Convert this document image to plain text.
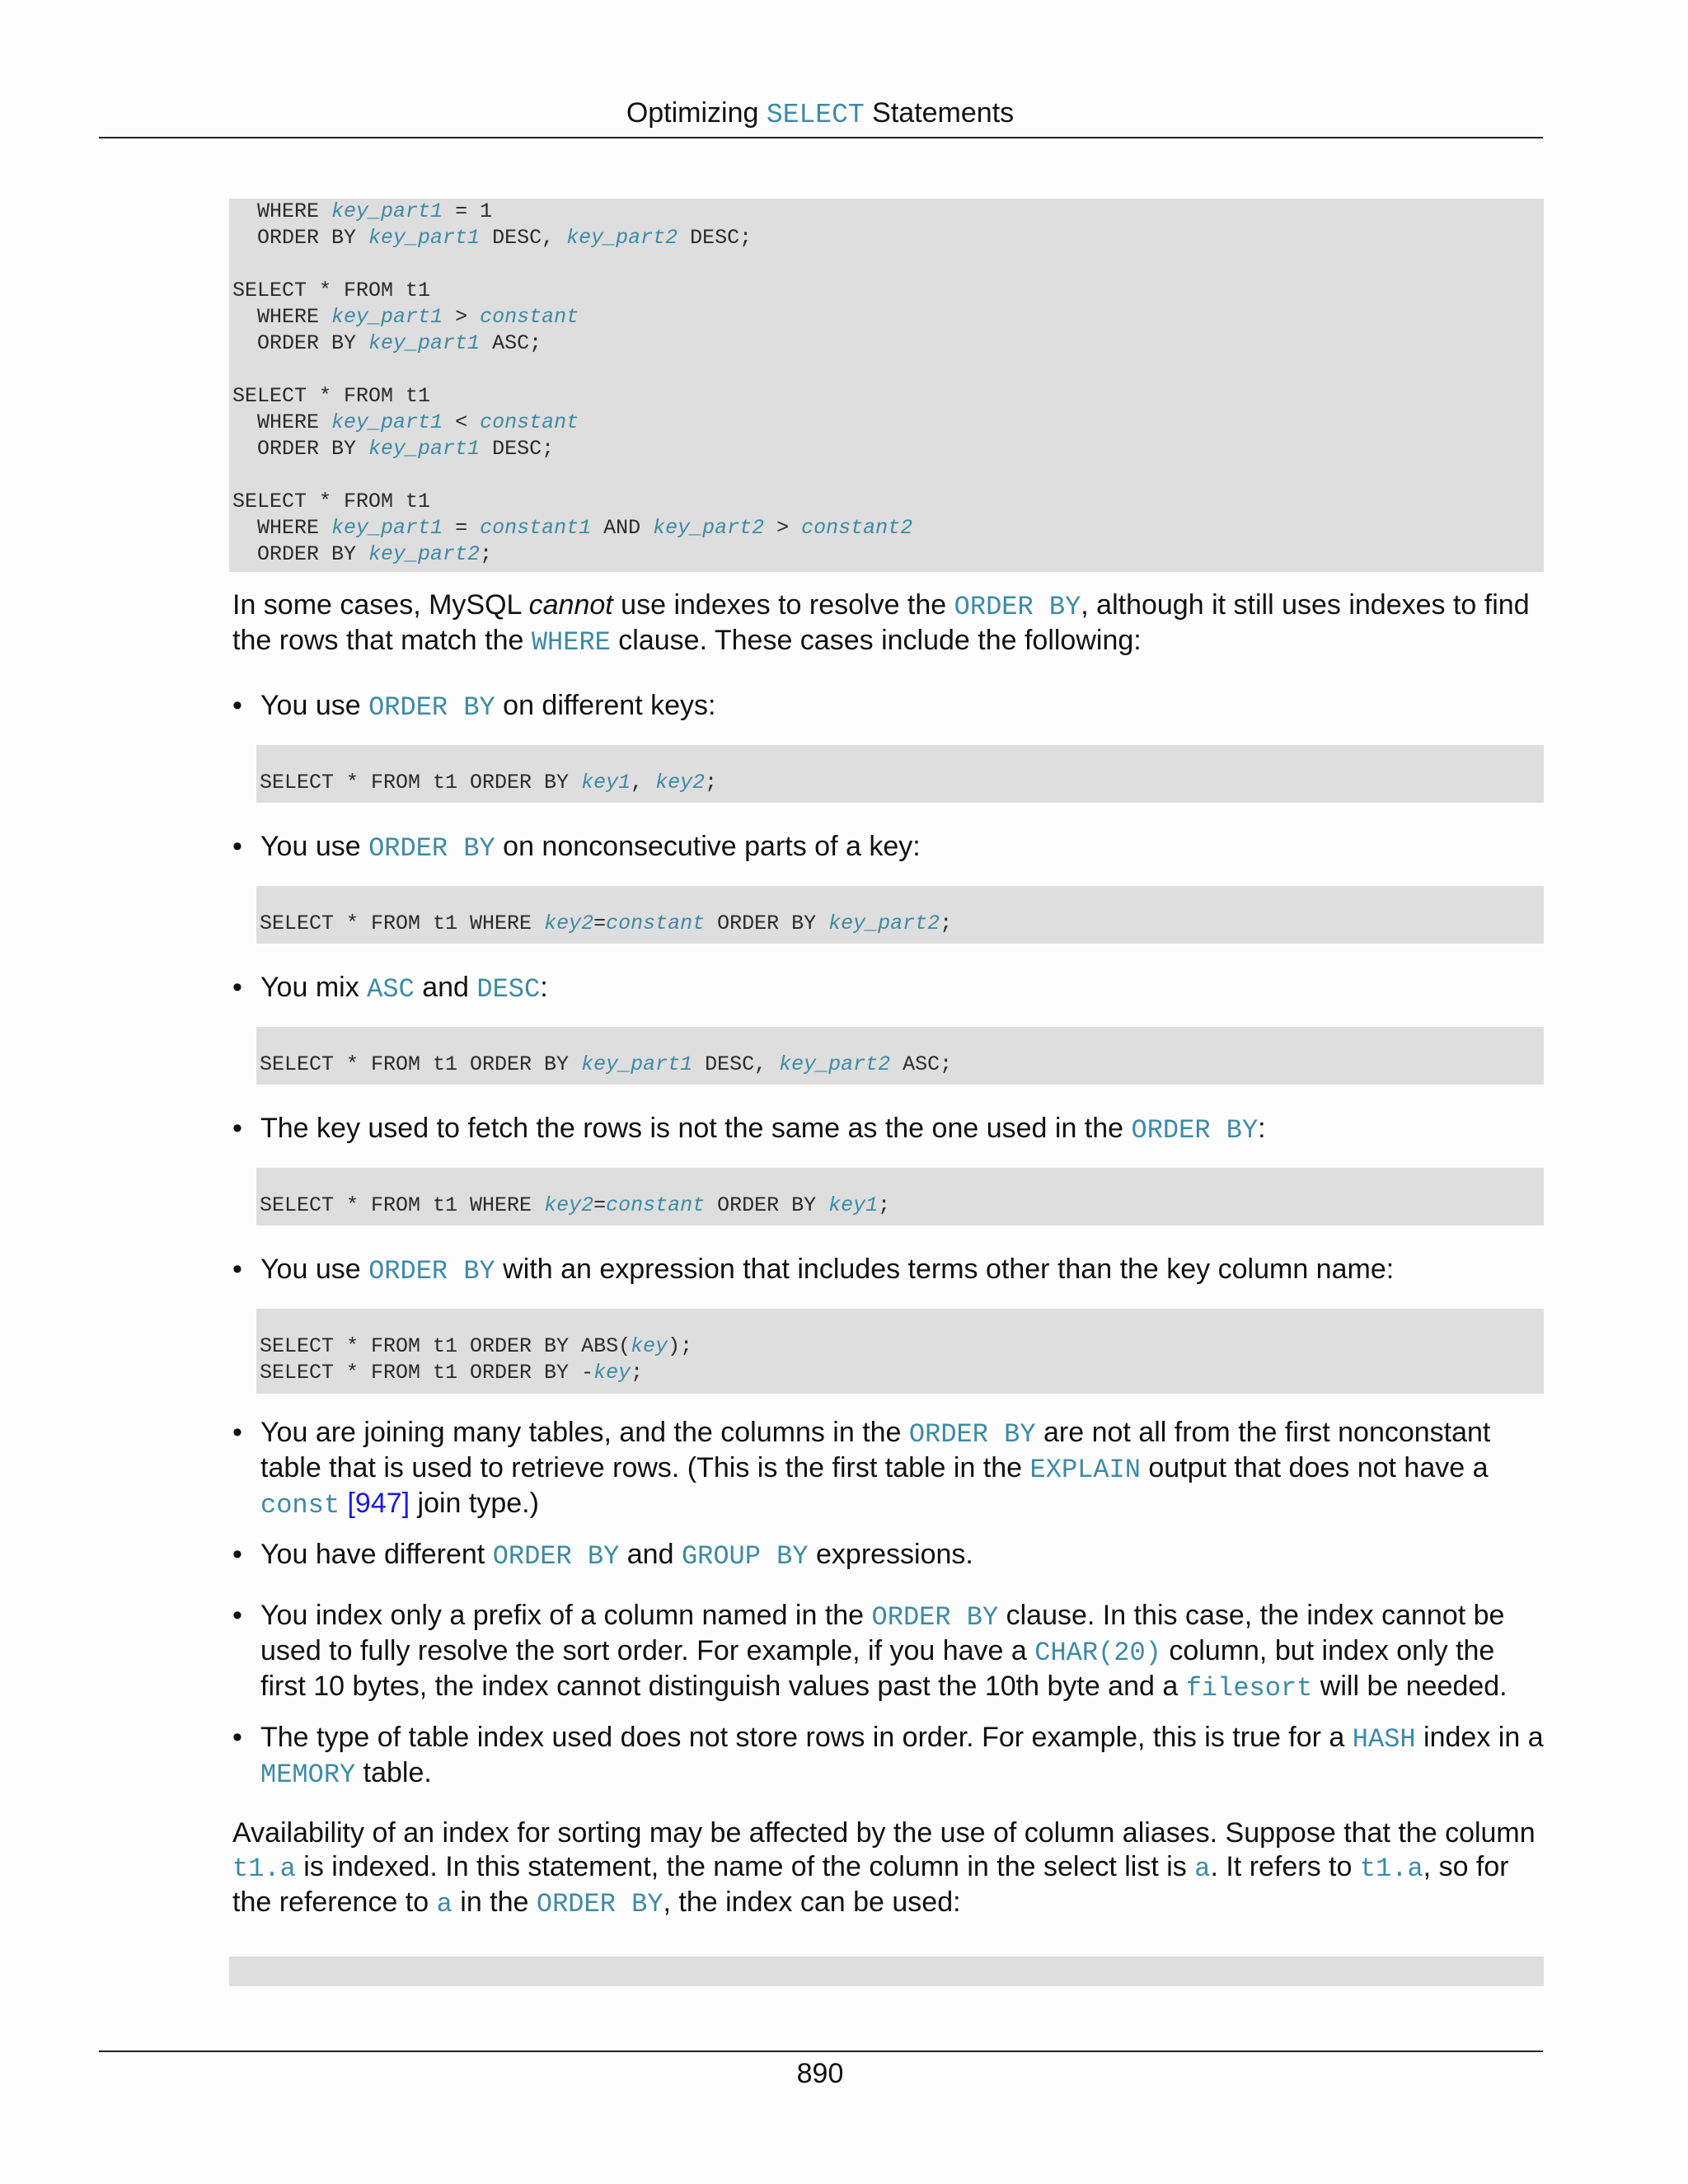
Optimizing SELECT Statements
WHERE key_part1 = 1
ORDER BY key_part1 DESC, key_part2 DESC;

SELECT * FROM t1
WHERE key_part1 > constant
ORDER BY key_part1 ASC;

SELECT * FROM t1
WHERE key_part1 < constant
ORDER BY key_part1 DESC;

SELECT * FROM t1
WHERE key_part1 = constant1 AND key_part2 > constant2
ORDER BY key_part2;
In some cases, MySQL cannot use indexes to resolve the ORDER BY, although it still uses indexes to find the rows that match the WHERE clause. These cases include the following:
• You use ORDER BY on different keys:
SELECT * FROM t1 ORDER BY key1, key2;
• You use ORDER BY on nonconsecutive parts of a key:
SELECT * FROM t1 WHERE key2=constant ORDER BY key_part2;
• You mix ASC and DESC:
SELECT * FROM t1 ORDER BY key_part1 DESC, key_part2 ASC;
• The key used to fetch the rows is not the same as the one used in the ORDER BY:
SELECT * FROM t1 WHERE key2=constant ORDER BY key1;
• You use ORDER BY with an expression that includes terms other than the key column name:
SELECT * FROM t1 ORDER BY ABS(key);
SELECT * FROM t1 ORDER BY -key;
• You are joining many tables, and the columns in the ORDER BY are not all from the first nonconstant table that is used to retrieve rows. (This is the first table in the EXPLAIN output that does not have a const [947] join type.)
• You have different ORDER BY and GROUP BY expressions.
• You index only a prefix of a column named in the ORDER BY clause. In this case, the index cannot be used to fully resolve the sort order. For example, if you have a CHAR(20) column, but index only the first 10 bytes, the index cannot distinguish values past the 10th byte and a filesort will be needed.
• The type of table index used does not store rows in order. For example, this is true for a HASH index in a MEMORY table.
Availability of an index for sorting may be affected by the use of column aliases. Suppose that the column t1.a is indexed. In this statement, the name of the column in the select list is a. It refers to t1.a, so for the reference to a in the ORDER BY, the index can be used:
890
